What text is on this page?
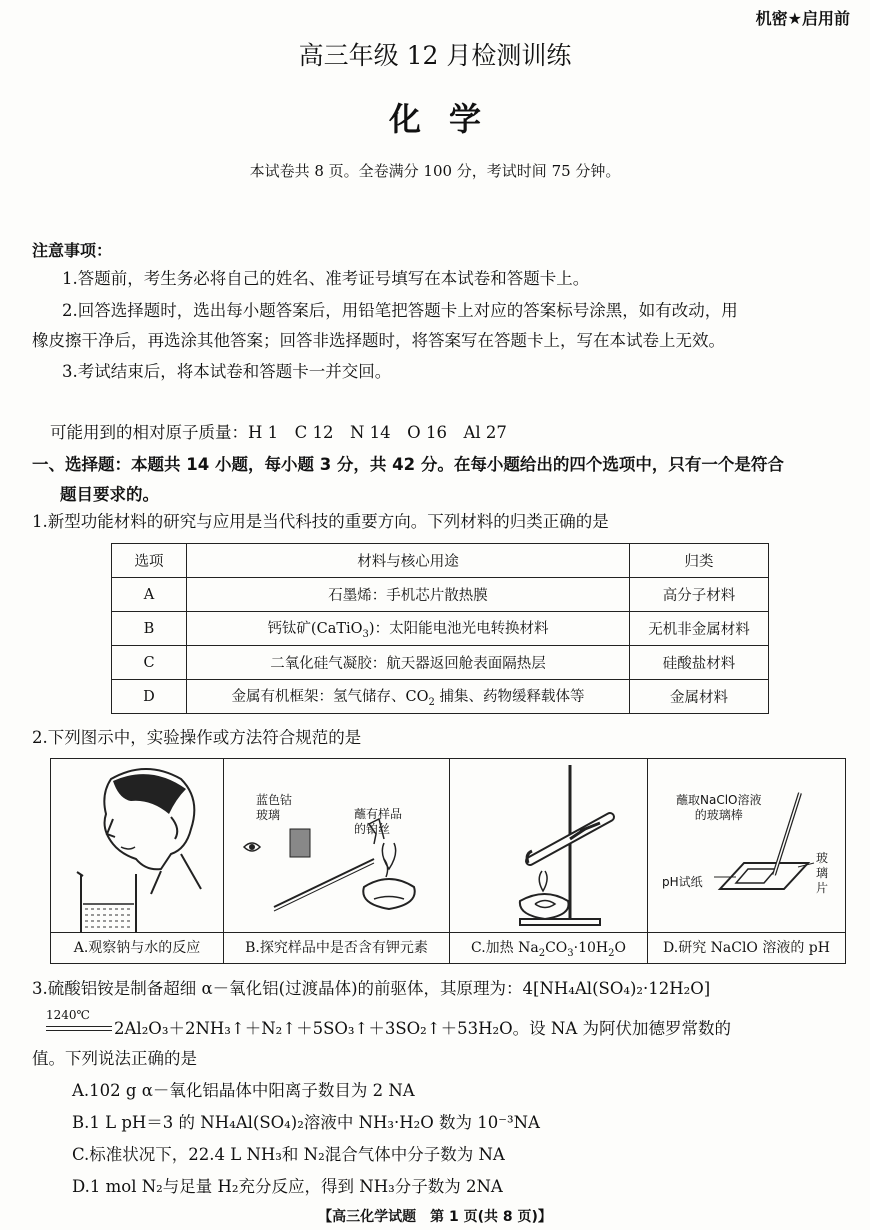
机密★启用前
高三年级 12 月检测训练
化学
本试卷共 8 页。全卷满分 100 分，考试时间 75 分钟。
注意事项：
1.答题前，考生务必将自己的姓名、准考证号填写在本试卷和答题卡上。
2.回答选择题时，选出每小题答案后，用铅笔把答题卡上对应的答案标号涂黑，如有改动，用
橡皮擦干净后，再选涂其他答案；回答非选择题时，将答案写在答题卡上，写在本试卷上无效。
3.考试结束后，将本试卷和答题卡一并交回。
可能用到的相对原子质量：H 1　C 12　N 14　O 16　Al 27
一、选择题：本题共 14 小题，每小题 3 分，共 42 分。在每小题给出的四个选项中，只有一个是符合
题目要求的。
1.新型功能材料的研究与应用是当代科技的重要方向。下列材料的归类正确的是
选项	材料与核心用途	归类
A	石墨烯：手机芯片散热膜	高分子材料
B	钙钛矿(CaTiO$_3$)：太阳能电池光电转换材料	无机非金属材料
C	二氧化硅气凝胶：航天器返回舱表面隔热层	硅酸盐材料
D	金属有机框架：氢气储存、$CO_2$ 捕集、药物缓释载体等	金属材料
2.下列图示中，实验操作或方法符合规范的是
A.观察钠与水的反应
蓝色钴
玻璃	蘸有样品
的铂丝
B.探究样品中是否含有钾元素	C.加热 $Na_2CO_3\cdot 10H_2O$
蘸取NaClO溶液
的玻璃棒
pH试纸
玻
璃
片
D.研究 NaClO 溶液的 pH
3.硫酸铝铵是制备超细 α－氧化铝(过渡晶体)的前驱体，其原理为：4[NH₄Al(SO₄)₂·12H₂O]
1240℃
2Al₂O₃＋2NH₃↑＋N₂↑＋5SO₃↑＋3SO₂↑＋53H₂O。设 NA 为阿伏加德罗常数的
值。下列说法正确的是
A.102 g α－氧化铝晶体中阳离子数目为 2 NA
B.1 L pH＝3 的 NH₄Al(SO₄)₂溶液中 NH₃·H₂O 数为 10⁻³NA
C.标准状况下，22.4 L NH₃和 N₂混合气体中分子数为 NA
D.1 mol N₂与足量 H₂充分反应，得到 NH₃分子数为 2NA
【高三化学试题　第 1 页(共 8 页)】
